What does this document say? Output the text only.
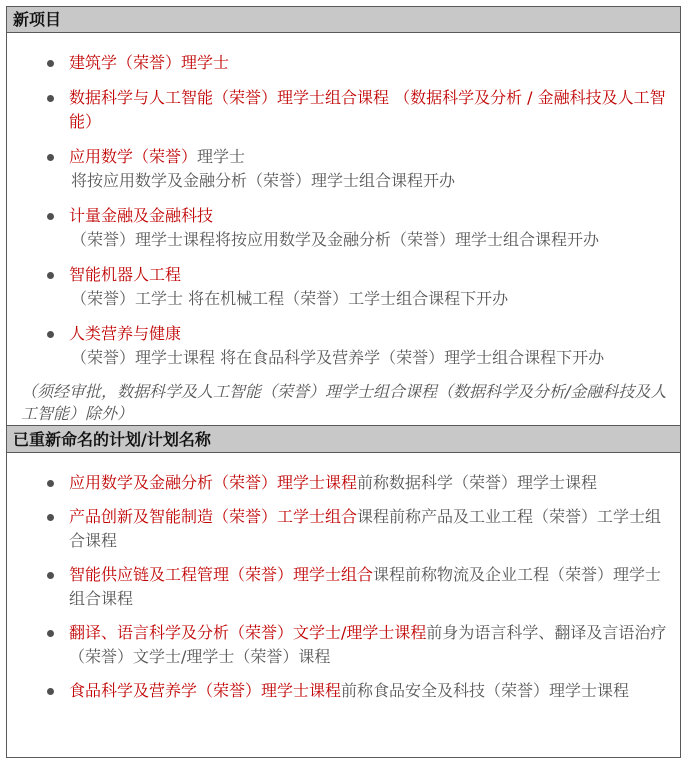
新项目
建筑学（荣誉）理学士
数据科学与人工智能（荣誉）理学士组合课程 （数据科学及分析 / 金融科技及人工智能）
应用数学（荣誉）理学士
将按应用数学及金融分析（荣誉）理学士组合课程开办
计量金融及金融科技
（荣誉）理学士课程将按应用数学及金融分析（荣誉）理学士组合课程开办
智能机器人工程
（荣誉）工学士 将在机械工程（荣誉）工学士组合课程下开办
人类营养与健康
（荣誉）理学士课程 将在食品科学及营养学（荣誉）理学士组合课程下开办
（须经审批，数据科学及人工智能（荣誉）理学士组合课程（数据科学及分析/金融科技及人工智能）除外）
已重新命名的计划/计划名称
应用数学及金融分析（荣誉）理学士课程前称数据科学（荣誉）理学士课程
产品创新及智能制造（荣誉）工学士组合课程前称产品及工业工程（荣誉）工学士组合课程
智能供应链及工程管理（荣誉）理学士组合课程前称物流及企业工程（荣誉）理学士组合课程
翻译、语言科学及分析（荣誉）文学士/理学士课程前身为语言科学、翻译及言语治疗（荣誉）文学士/理学士（荣誉）课程
食品科学及营养学（荣誉）理学士课程前称食品安全及科技（荣誉）理学士课程
